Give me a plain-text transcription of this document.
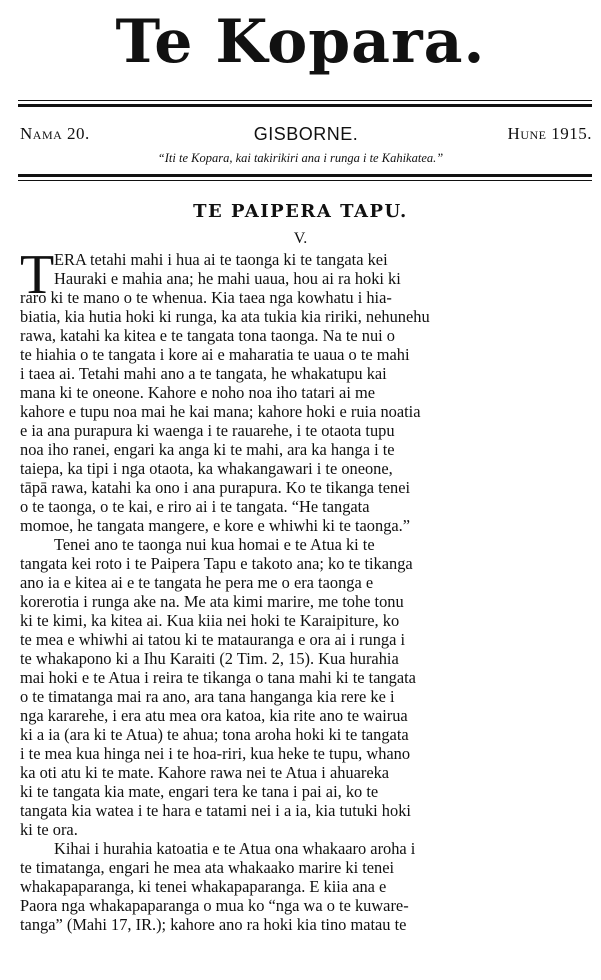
Te Kopara.
Nama 20.	GISBORNE.	Hune 1915.
“Iti te Kopara, kai takirikiri ana i runga i te Kahikatea.”
TE PAIPERA TAPU.
V.
T ERA tetahi mahi i hua ai te taonga ki te tangata kei
Hauraki e mahia ana; he mahi uaua, hou ai ra hoki ki
raro ki te mano o te whenua. Kia taea nga kowhatu i hia-
biatia, kia hutia hoki ki runga, ka ata tukia kia ririki, nehunehu
rawa, katahi ka kitea e te tangata tona taonga. Na te nui o
te hiahia o te tangata i kore ai e maharatia te uaua o te mahi
i taea ai. Tetahi mahi ano a te tangata, he whakatupu kai
mana ki te oneone. Kahore e noho noa iho tatari ai me
kahore e tupu noa mai he kai mana; kahore hoki e ruia noatia
e ia ana purapura ki waenga i te rauarehe, i te otaota tupu
noa iho ranei, engari ka anga ki te mahi, ara ka hanga i te
taiepa, ka tipi i nga otaota, ka whakangawari i te oneone,
tāpā rawa, katahi ka ono i ana purapura. Ko te tikanga tenei
o te taonga, o te kai, e riro ai i te tangata. “He tangata
momoe, he tangata mangere, e kore e whiwhi ki te taonga.”
Tenei ano te taonga nui kua homai e te Atua ki te
tangata kei roto i te Paipera Tapu e takoto ana; ko te tikanga
ano ia e kitea ai e te tangata he pera me o era taonga e
korerotia i runga ake na. Me ata kimi marire, me tohe tonu
ki te kimi, ka kitea ai. Kua kiia nei hoki te Karaipiture, ko
te mea e whiwhi ai tatou ki te matauranga e ora ai i runga i
te whakapono ki a Ihu Karaiti (2 Tim. 2, 15). Kua hurahia
mai hoki e te Atua i reira te tikanga o tana mahi ki te tangata
o te timatanga mai ra ano, ara tana hanganga kia rere ke i
nga kararehe, i era atu mea ora katoa, kia rite ano te wairua
ki a ia (ara ki te Atua) te ahua; tona aroha hoki ki te tangata
i te mea kua hinga nei i te hoa-riri, kua heke te tupu, whano
ka oti atu ki te mate. Kahore rawa nei te Atua i ahuareka
ki te tangata kia mate, engari tera ke tana i pai ai, ko te
tangata kia watea i te hara e tatami nei i a ia, kia tutuki hoki
ki te ora.
Kihai i hurahia katoatia e te Atua ona whakaaro aroha i
te timatanga, engari he mea ata whakaako marire ki tenei
whakapaparanga, ki tenei whakapaparanga. E kiia ana e
Paora nga whakapaparanga o mua ko “nga wa o te kuware-
tanga” (Mahi 17, IR.); kahore ano ra hoki kia tino matau te
